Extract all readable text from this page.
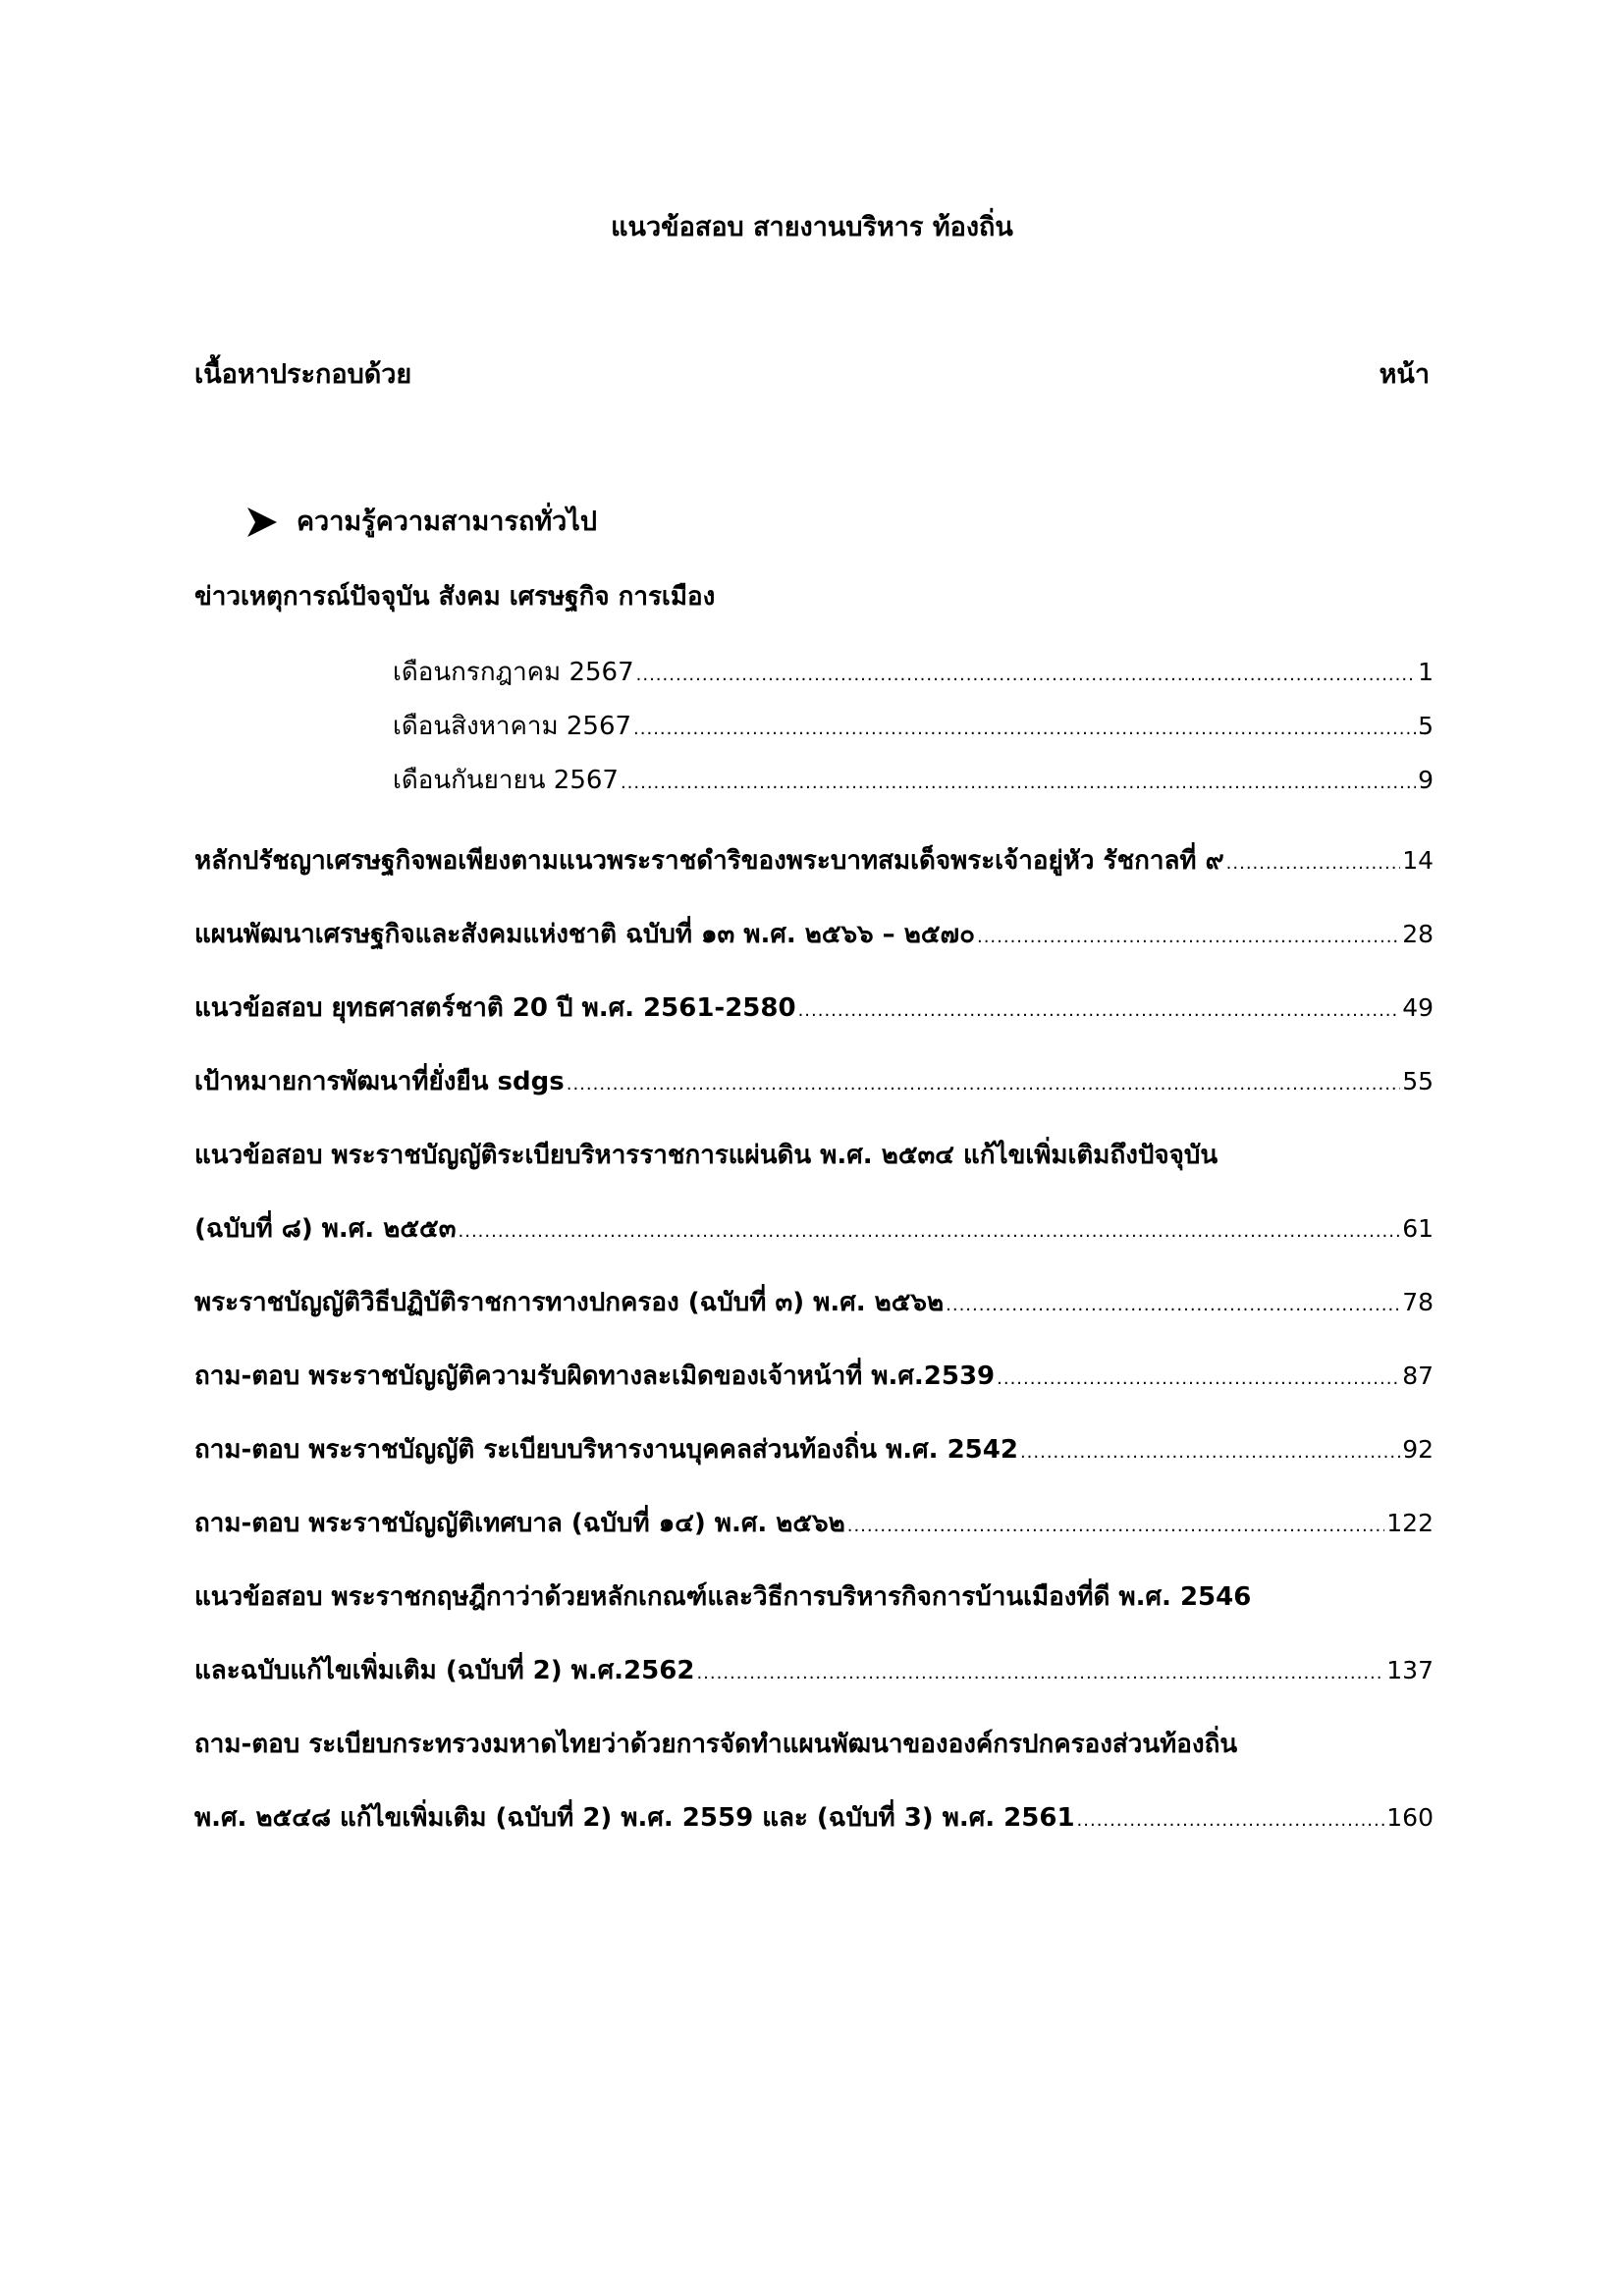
แนวข้อสอบ สายงานบริหาร ท้องถิ่น
เนื้อหาประกอบด้วย	หน้า
ความรู้ความสามารถทั่วไป
ข่าวเหตุการณ์ปัจจุบัน สังคม เศรษฐกิจ การเมือง
เดือนกรกฎาคม 2567 .....	1
เดือนสิงหาคาม 2567 .....	5
เดือนกันยายน 2567 .....	9
หลักปรัชญาเศรษฐกิจพอเพียงตามแนวพระราชดำริของพระบาทสมเด็จพระเจ้าอยู่หัว รัชกาลที่ ๙ .....	14
แผนพัฒนาเศรษฐกิจและสังคมแห่งชาติ ฉบับที่ ๑๓ พ.ศ. ๒๕๖๖ – ๒๕๗๐ .....	28
แนวข้อสอบ ยุทธศาสตร์ชาติ 20 ปี พ.ศ. 2561-2580 .....	49
เป้าหมายการพัฒนาที่ยั่งยืน sdgs .....	55
แนวข้อสอบ พระราชบัญญัติระเบียบริหารราชการแผ่นดิน พ.ศ. ๒๕๓๔ แก้ไขเพิ่มเติมถึงปัจจุบัน
(ฉบับที่ ๘) พ.ศ. ๒๕๕๓ .....	61
พระราชบัญญัติวิธีปฏิบัติราชการทางปกครอง (ฉบับที่ ๓) พ.ศ. ๒๕๖๒ .....	78
ถาม-ตอบ พระราชบัญญัติความรับผิดทางละเมิดของเจ้าหน้าที่ พ.ศ.2539 .....	87
ถาม-ตอบ พระราชบัญญัติ ระเบียบบริหารงานบุคคลส่วนท้องถิ่น พ.ศ. 2542 .....	92
ถาม-ตอบ พระราชบัญญัติเทศบาล (ฉบับที่ ๑๔) พ.ศ. ๒๕๖๒ .....	122
แนวข้อสอบ พระราชกฤษฎีกาว่าด้วยหลักเกณฑ์และวิธีการบริหารกิจการบ้านเมืองที่ดี พ.ศ. 2546
และฉบับแก้ไขเพิ่มเติม (ฉบับที่ 2) พ.ศ.2562 .....	137
ถาม-ตอบ ระเบียบกระทรวงมหาดไทยว่าด้วยการจัดทำแผนพัฒนาขององค์กรปกครองส่วนท้องถิ่น
พ.ศ. ๒๕๔๘ แก้ไขเพิ่มเติม (ฉบับที่ 2) พ.ศ. 2559 และ (ฉบับที่ 3) พ.ศ. 2561 .....	160
